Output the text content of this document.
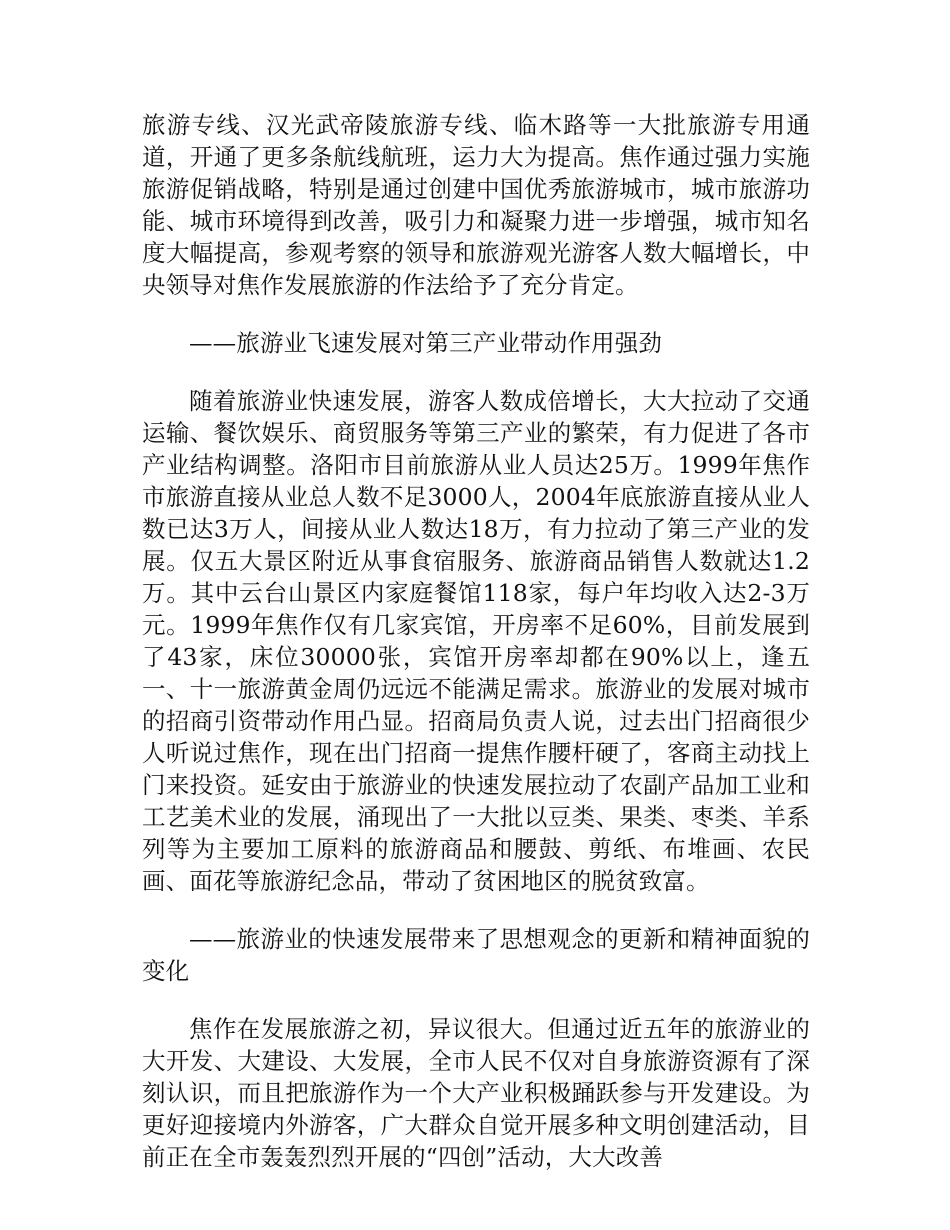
旅游专线、汉光武帝陵旅游专线、临木路等一大批旅游专用通道，开通了更多条航线航班，运力大为提高。焦作通过强力实施旅游促销战略，特别是通过创建中国优秀旅游城市，城市旅游功能、城市环境得到改善，吸引力和凝聚力进一步增强，城市知名度大幅提高，参观考察的领导和旅游观光游客人数大幅增长，中央领导对焦作发展旅游的作法给予了充分肯定。

——旅游业飞速发展对第三产业带动作用强劲

随着旅游业快速发展，游客人数成倍增长，大大拉动了交通运输、餐饮娱乐、商贸服务等第三产业的繁荣，有力促进了各市产业结构调整。洛阳市目前旅游从业人员达25万。1999年焦作市旅游直接从业总人数不足3000人，2004年底旅游直接从业人数已达3万人，间接从业人数达18万，有力拉动了第三产业的发展。仅五大景区附近从事食宿服务、旅游商品销售人数就达1.2万。其中云台山景区内家庭餐馆118家，每户年均收入达2-3万元。1999年焦作仅有几家宾馆，开房率不足60%，目前发展到了43家，床位30000张，宾馆开房率却都在90%以上，逢五一、十一旅游黄金周仍远远不能满足需求。旅游业的发展对城市的招商引资带动作用凸显。招商局负责人说，过去出门招商很少人听说过焦作，现在出门招商一提焦作腰杆硬了，客商主动找上门来投资。延安由于旅游业的快速发展拉动了农副产品加工业和工艺美术业的发展，涌现出了一大批以豆类、果类、枣类、羊系列等为主要加工原料的旅游商品和腰鼓、剪纸、布堆画、农民画、面花等旅游纪念品，带动了贫困地区的脱贫致富。

——旅游业的快速发展带来了思想观念的更新和精神面貌的变化

焦作在发展旅游之初，异议很大。但通过近五年的旅游业的大开发、大建设、大发展，全市人民不仅对自身旅游资源有了深刻认识，而且把旅游作为一个大产业积极踊跃参与开发建设。为更好迎接境内外游客，广大群众自觉开展多种文明创建活动，目前正在全市轰轰烈烈开展的“四创”活动，大大改善
